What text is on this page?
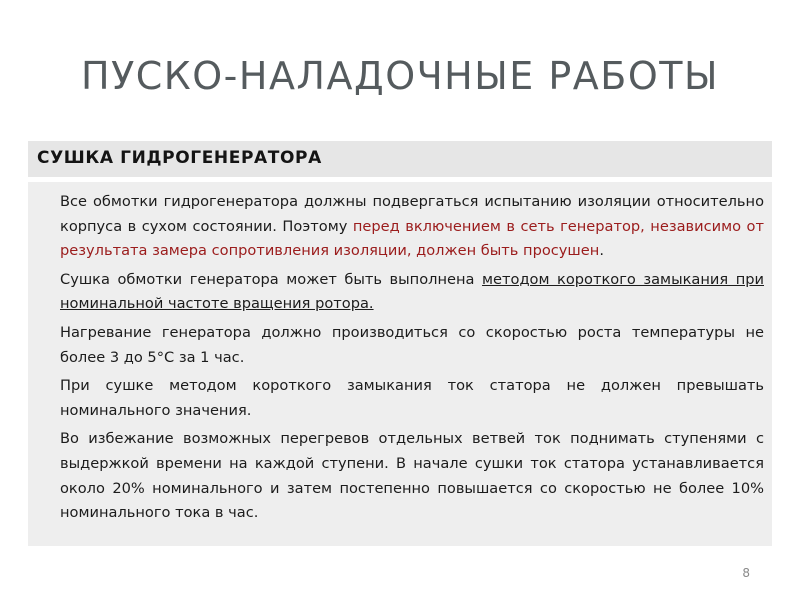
ПУСКО-НАЛАДОЧНЫЕ РАБОТЫ
СУШКА ГИДРОГЕНЕРАТОРА

Все обмотки гидрогенератора должны подвергаться испытанию изоляции относительно корпуса в сухом состоянии. Поэтому перед включением в сеть генератор, независимо от результата замера сопротивления изоляции, должен быть просушен.

Сушка обмотки генератора может быть выполнена методом короткого замыкания при номинальной частоте вращения ротора.

Нагревание генератора должно производиться со скоростью роста температуры не более 3 до 5°С за 1 час.

При сушке методом короткого замыкания ток статора не должен превышать номинального значения.

Во избежание возможных перегревов отдельных ветвей ток поднимать ступенями с выдержкой времени на каждой ступени. В начале сушки ток статора устанавливается около 20% номинального и затем постепенно повышается со скоростью не более 10% номинального тока в час.

8
